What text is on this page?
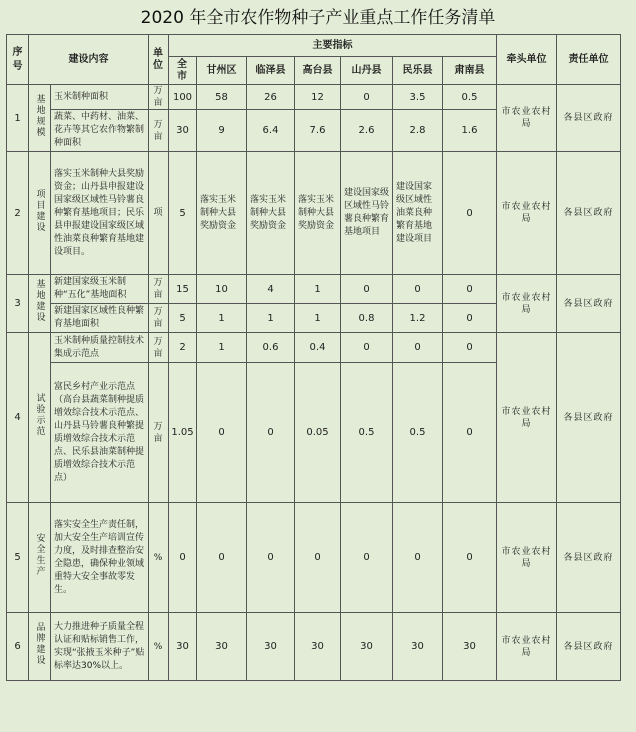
2020 年全市农作物种子产业重点工作任务清单
序号	建设内容		单位	主要指标							牵头单位	责任单位
				全市	甘州区	临泽县	高台县	山丹县	民乐县	肃南县		
1	基地规模	玉米制种面积	万亩	100	58	26	12	0	3.5	0.5	市农业农村局	各县区政府
		蔬菜、中药材、油菜、花卉等其它农作物繁制种面积	万亩	30	9	6.4	7.6	2.6	2.8	1.6		
2	项目建设	落实玉米制种大县奖励资金；山丹县申报建设国家级区域性马铃薯良种繁育基地项目；民乐县申报建设国家级区域性油菜良种繁育基地建设项目。	项	5	落实玉米制种大县奖励资金	落实玉米制种大县奖励资金	落实玉米制种大县奖励资金	建设国家级区域性马铃薯良种繁育基地项目	建设国家级区域性油菜良种繁育基地建设项目	0	市农业农村局	各县区政府
3	基地建设	新建国家级玉米制种“五化”基地面积	万亩	15	10	4	1	0	0	0	市农业农村局	各县区政府
		新建国家区域性良种繁育基地面积	万亩	5	1	1	1	0.8	1.2	0		
4	试验示范	玉米制种质量控制技术集成示范点	万亩	2	1	0.6	0.4	0	0	0	市农业农村局	各县区政府
		富民乡村产业示范点（高台县蔬菜制种提质增效综合技术示范点、山丹县马铃薯良种繁提质增效综合技术示范点、民乐县油菜制种提质增效综合技术示范点）	万亩	1.05	0	0	0.05	0.5	0.5	0		
5	安全生产	落实安全生产责任制，加大安全生产培训宣传力度，及时排查整治安全隐患，确保种业领域重特大安全事故零发生。	%	0	0	0	0	0	0	0	市农业农村局	各县区政府
6	品牌建设	大力推进种子质量全程认证和贴标销售工作，实现“张掖玉米种子”贴标率达30%以上。	%	30	30	30	30	30	30	30	市农业农村局	各县区政府
